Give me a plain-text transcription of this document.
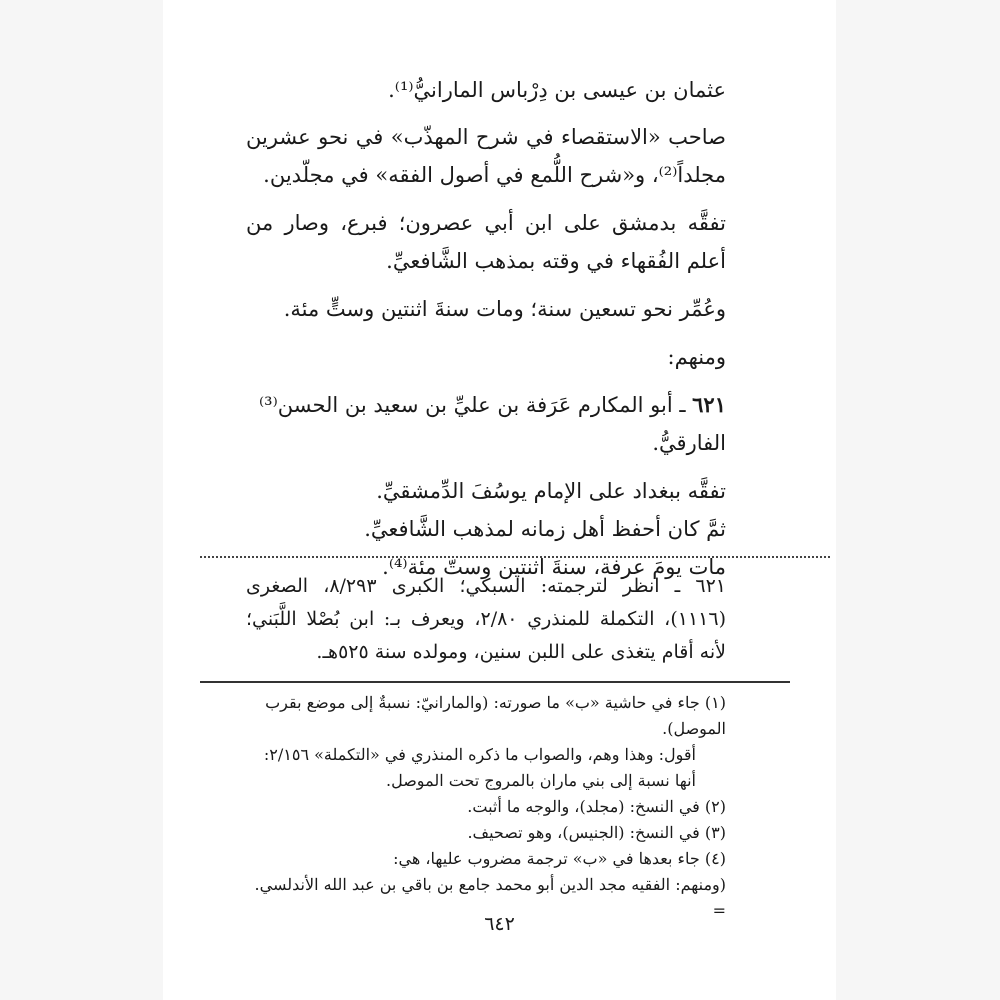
عثمان بن عيسى بن دِرْباس المارانيُّ⁽¹⁾.

صاحب «الاستقصاء في شرح المهذّب» في نحو عشرين مجلداً⁽²⁾، و«شرح اللُّمع في أصول الفقه» في مجلّدين.

تفقَّه بدمشق على ابن أبي عصرون؛ فبرع، وصار من أعلم الفُقهاء في وقته بمذهب الشَّافعيِّ.

وعُمِّر نحو تسعين سنة؛ ومات سنةَ اثنتين وستٍّ مئة.

ومنهم:

٦٢١ ـ أبو المكارم عَرَفة بن عليِّ بن سعيد بن الحسن⁽³⁾ الفارقيُّ.

تفقَّه ببغداد على الإمام يوسُفَ الدِّمشقيِّ.

ثمَّ كان أحفظ أهل زمانه لمذهب الشَّافعيِّ.

مات يومَ عرفة، سنةَ اثنتين وستّ مئة⁽⁴⁾.

٦٢١ ـ انظر لترجمته: السبكي؛ الكبرى ٨/٢٩٣، الصغرى (١١١٦)، التكملة للمنذري ٢/٨٠، ويعرف بـ: ابن بُصْلا اللَّبَني؛ لأنه أقام يتغذى على اللبن سنين، ومولده سنة ٥٢٥هـ.

(١) جاء في حاشية «ب» ما صورته: (والمارانيّ: نسبةٌ إلى موضع بقرب الموصل).

أقول: وهذا وهم، والصواب ما ذكره المنذري في «التكملة» ٢/١٥٦: أنها نسبة إلى بني ماران بالمروج تحت الموصل.

(٢) في النسخ: (مجلد)، والوجه ما أثبت.

(٣) في النسخ: (الجنيس)، وهو تصحيف.

(٤) جاء بعدها في «ب» ترجمة مضروب عليها، هي:

(ومنهم: الفقيه مجد الدين أبو محمد جامع بن باقي بن عبد الله الأندلسي. =

٦٤٢
